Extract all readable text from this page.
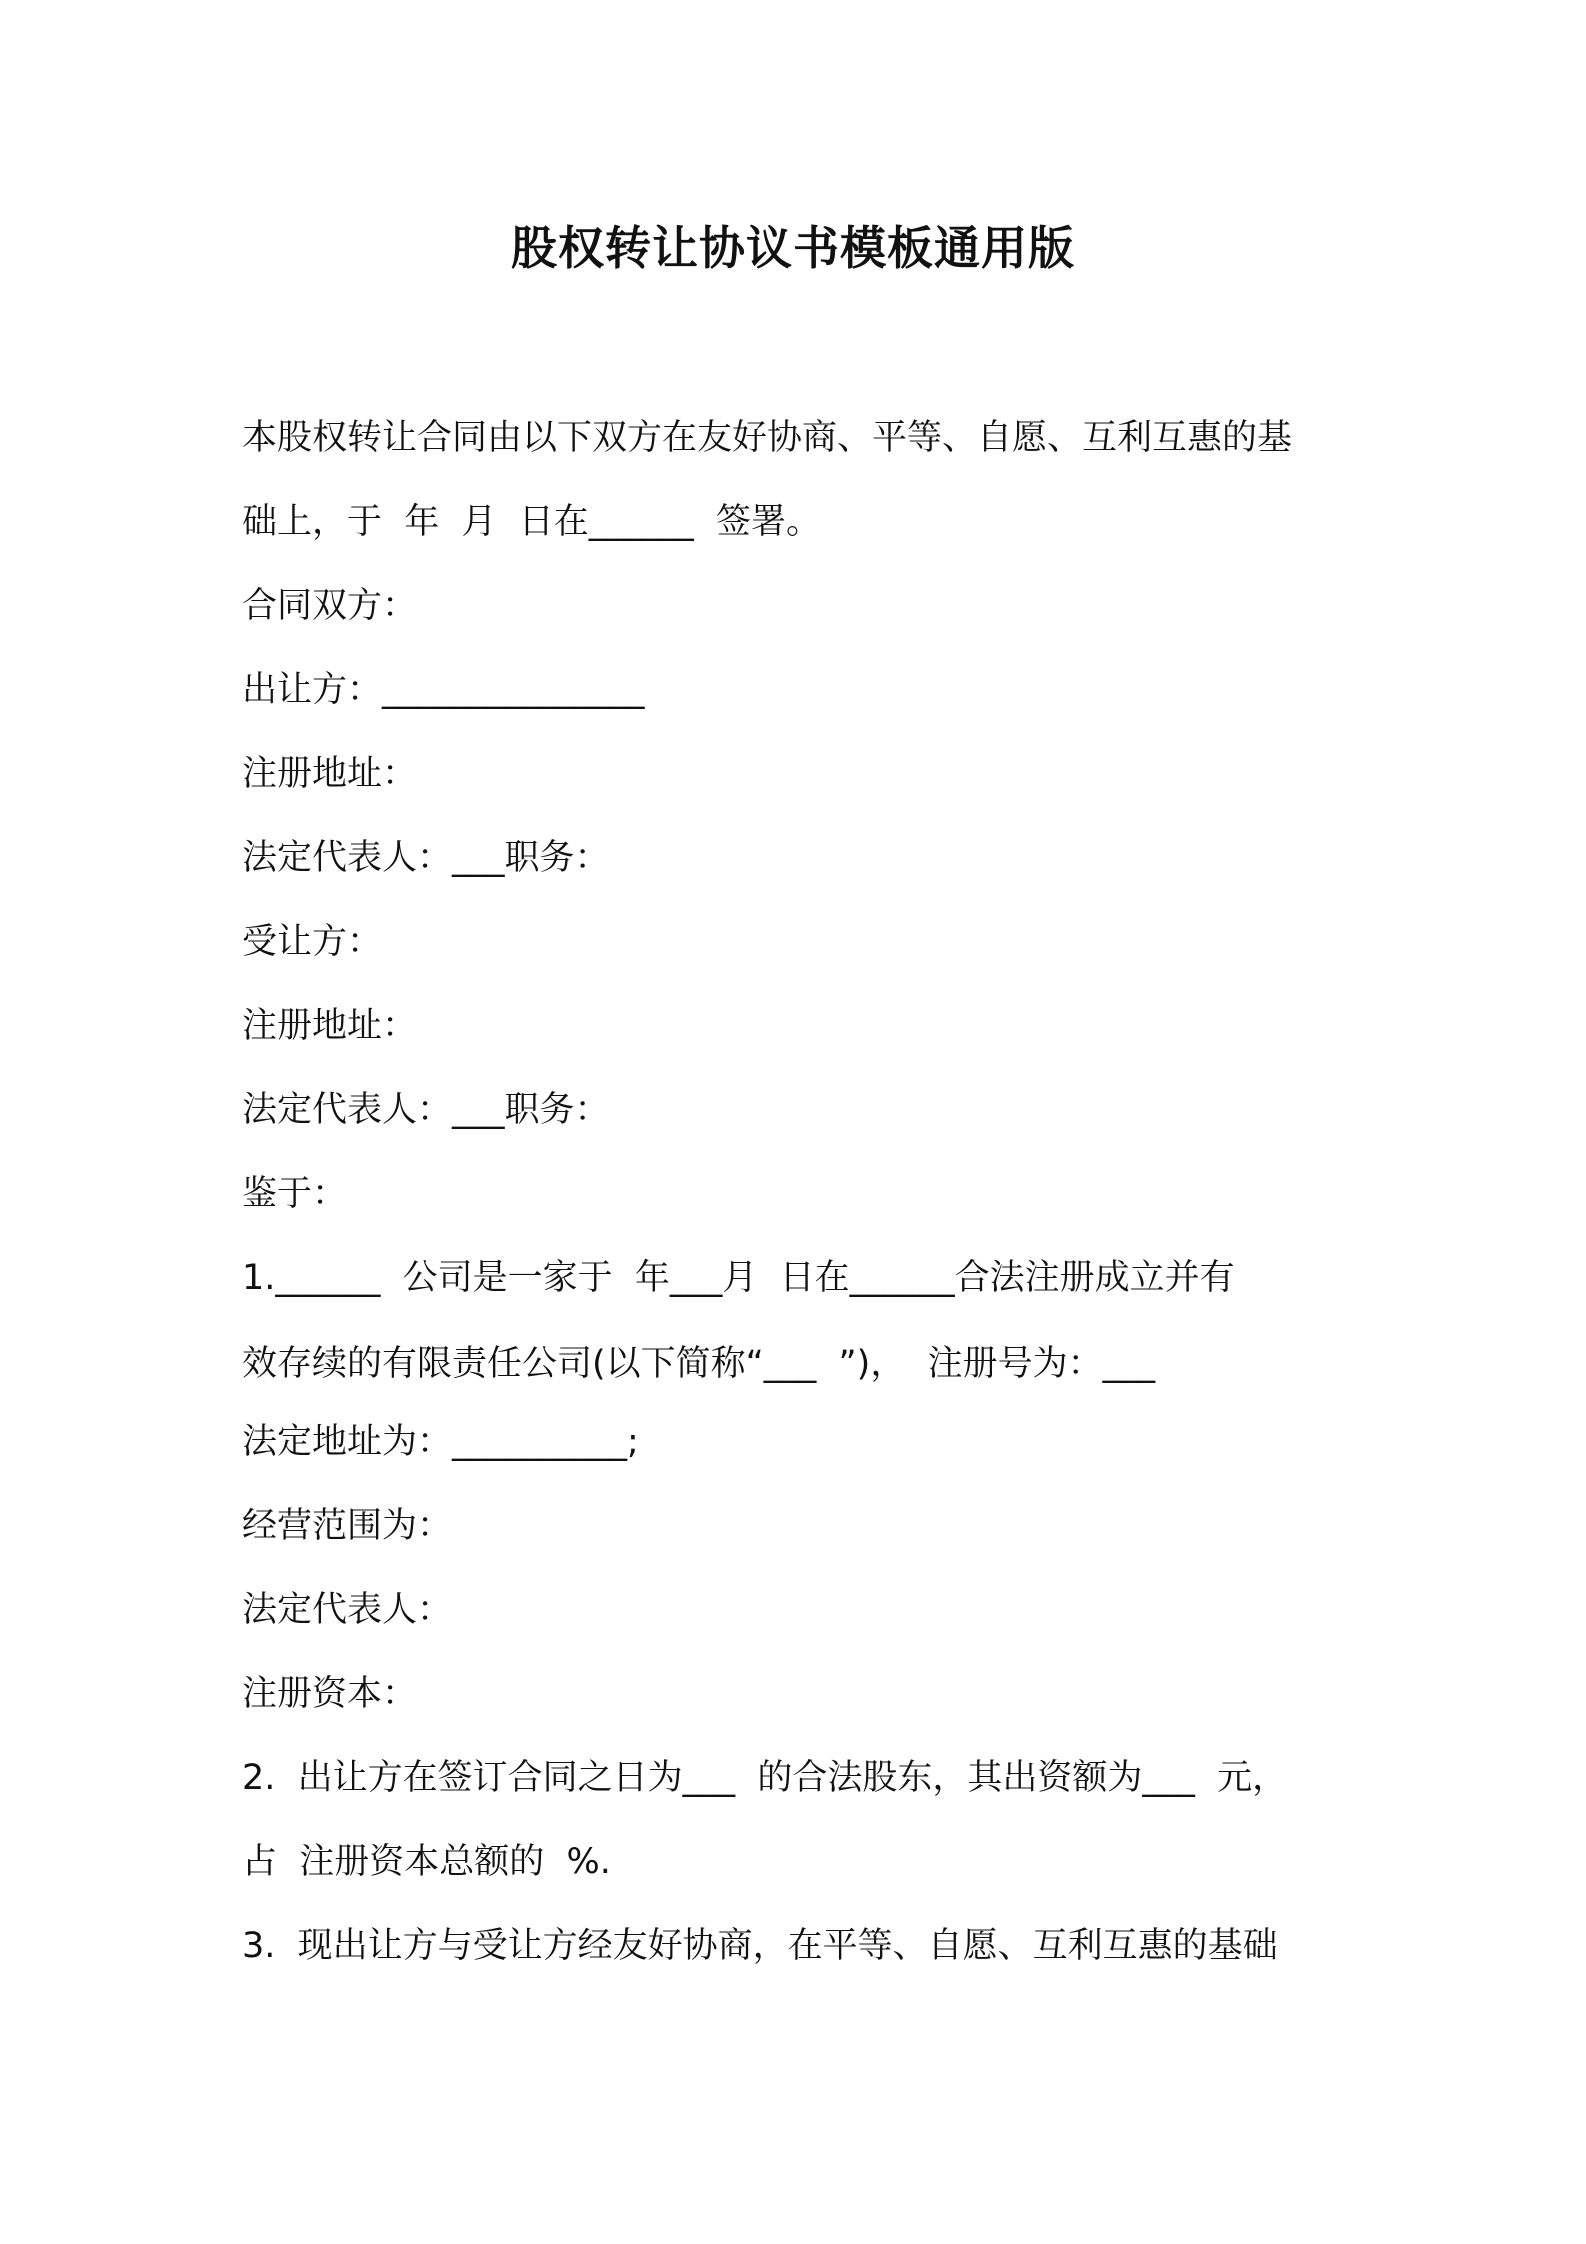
股权转让协议书模板通用版
本股权转让合同由以下双方在友好协商、平等、自愿、互利互惠的基
础上，于  年  月  日在______  签署。
合同双方：
出让方：_______________
注册地址：
法定代表人：___职务：
受让方：
注册地址：
法定代表人：___职务：
鉴于：
1.______  公司是一家于  年___月  日在______合法注册成立并有
效存续的有限责任公司(以下简称“___  ”)，  注册号为：___
法定地址为：__________;
经营范围为：
法定代表人：
注册资本：
2.  出让方在签订合同之日为___  的合法股东，其出资额为___  元，
占  注册资本总额的  %.
3.  现出让方与受让方经友好协商，在平等、自愿、互利互惠的基础
